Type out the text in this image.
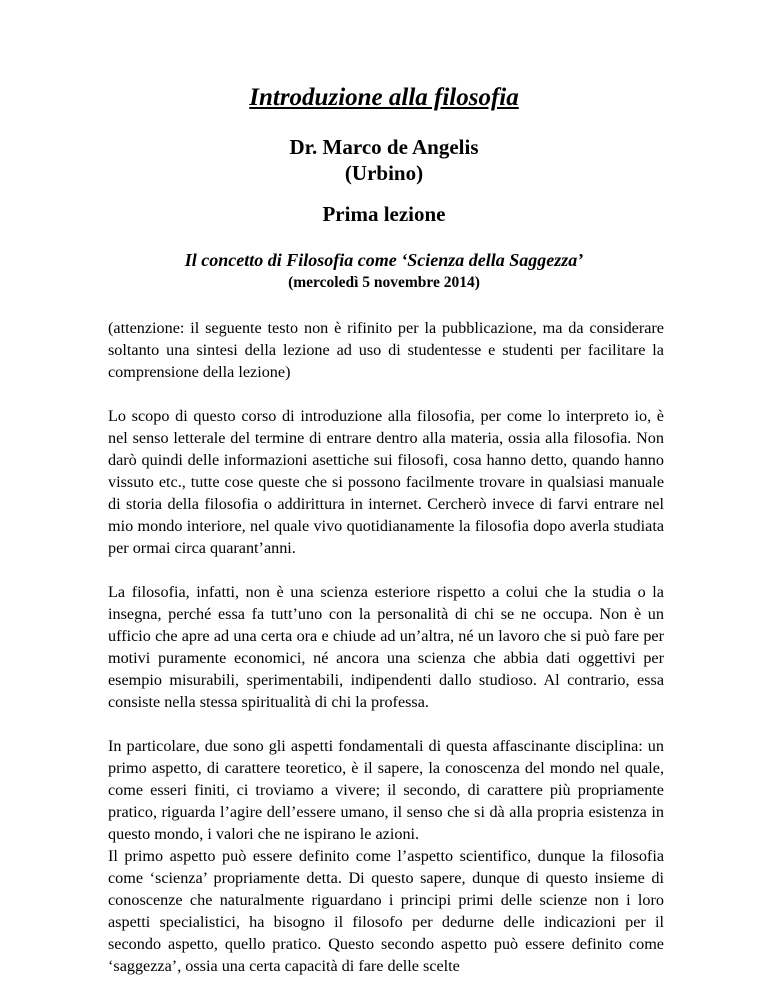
Introduzione alla filosofia
Dr. Marco de Angelis
(Urbino)
Prima lezione
Il concetto di Filosofia come ‘Scienza della Saggezza’
(mercoledì 5 novembre 2014)

(attenzione: il seguente testo non è rifinito per la pubblicazione, ma da considerare soltanto una sintesi della lezione ad uso di studentesse e studenti per facilitare la comprensione della lezione)

Lo scopo di questo corso di introduzione alla filosofia, per come lo interpreto io, è nel senso letterale del termine di entrare dentro alla materia, ossia alla filosofia. Non darò quindi delle informazioni asettiche sui filosofi, cosa hanno detto, quando hanno vissuto etc., tutte cose queste che si possono facilmente trovare in qualsiasi manuale di storia della filosofia o addirittura in internet. Cercherò invece di farvi entrare nel mio mondo interiore, nel quale vivo quotidianamente la filosofia dopo averla studiata per ormai circa quarant’anni.

La filosofia, infatti, non è una scienza esteriore rispetto a colui che la studia o la insegna, perché essa fa tutt’uno con la personalità di chi se ne occupa. Non è un ufficio che apre ad una certa ora e chiude ad un’altra, né un lavoro che si può fare per motivi puramente economici, né ancora una scienza che abbia dati oggettivi per esempio misurabili, sperimentabili, indipendenti dallo studioso. Al contrario, essa consiste nella stessa spiritualità di chi la professa.

In particolare, due sono gli aspetti fondamentali di questa affascinante disciplina: un primo aspetto, di carattere teoretico, è il sapere, la conoscenza del mondo nel quale, come esseri finiti, ci troviamo a vivere; il secondo, di carattere più propriamente pratico, riguarda l’agire dell’essere umano, il senso che si dà alla propria esistenza in questo mondo, i valori che ne ispirano le azioni.

Il primo aspetto può essere definito come l’aspetto scientifico, dunque la filosofia come ‘scienza’ propriamente detta. Di questo sapere, dunque di questo insieme di conoscenze che naturalmente riguardano i principi primi delle scienze non i loro aspetti specialistici, ha bisogno il filosofo per dedurne delle indicazioni per il secondo aspetto, quello pratico. Questo secondo aspetto può essere definito come ‘saggezza’, ossia una certa capacità di fare delle scelte
